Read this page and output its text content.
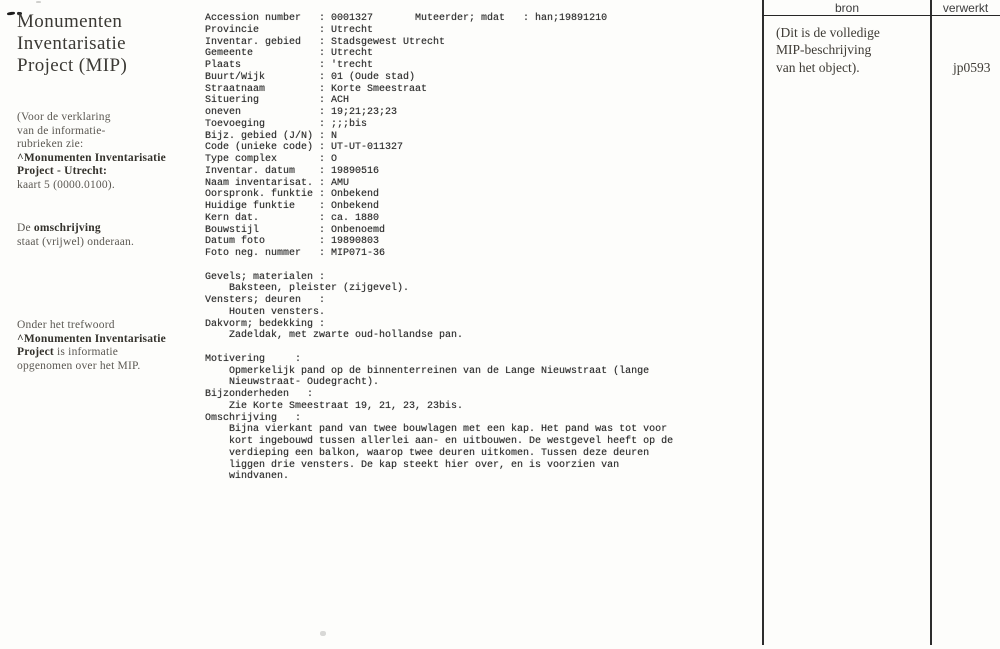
Monumenten
Inventarisatie
Project (MIP)
(Voor de verklaring
van de informatie-
rubrieken zie:
^Monumenten Inventarisatie
Project - Utrecht:
kaart 5 (0000.0100).
De omschrijving
staat (vrijwel) onderaan.
Onder het trefwoord
^Monumenten Inventarisatie
Project is informatie
opgenomen over het MIP.
Accession number   : 0001327       Muteerder; mdat   : han;19891210
Provincie          : Utrecht
Inventar. gebied   : Stadsgewest Utrecht
Gemeente           : Utrecht
Plaats             : 'trecht
Buurt/Wijk         : 01 (Oude stad)
Straatnaam         : Korte Smeestraat
Situering          : ACH
oneven             : 19;21;23;23
Toevoeging         : ;;;bis
Bijz. gebied (J/N) : N
Code (unieke code) : UT-UT-011327
Type complex       : O
Inventar. datum    : 19890516
Naam inventarisat. : AMU
Oorspronk. funktie : Onbekend
Huidige funktie    : Onbekend
Kern dat.          : ca. 1880
Bouwstijl          : Onbenoemd
Datum foto         : 19890803
Foto neg. nummer   : MIP071-36
Gevels; materialen :
Baksteen, pleister (zijgevel).
Vensters; deuren   :
Houten vensters.
Dakvorm; bedekking :
Zadeldak, met zwarte oud-hollandse pan.
Motivering     :
Opmerkelijk pand op de binnenterreinen van de Lange Nieuwstraat (lange
Nieuwstraat- Oudegracht).
Bijzonderheden   :
Zie Korte Smeestraat 19, 21, 23, 23bis.
Omschrijving   :
Bijna vierkant pand van twee bouwlagen met een kap. Het pand was tot voor
kort ingebouwd tussen allerlei aan- en uitbouwen. De westgevel heeft op de
verdieping een balkon, waarop twee deuren uitkomen. Tussen deze deuren
liggen drie vensters. De kap steekt hier over, en is voorzien van
windvanen.
bron	verwerkt
(Dit is de volledige
MIP-beschrijving
van het object).	jp0593
